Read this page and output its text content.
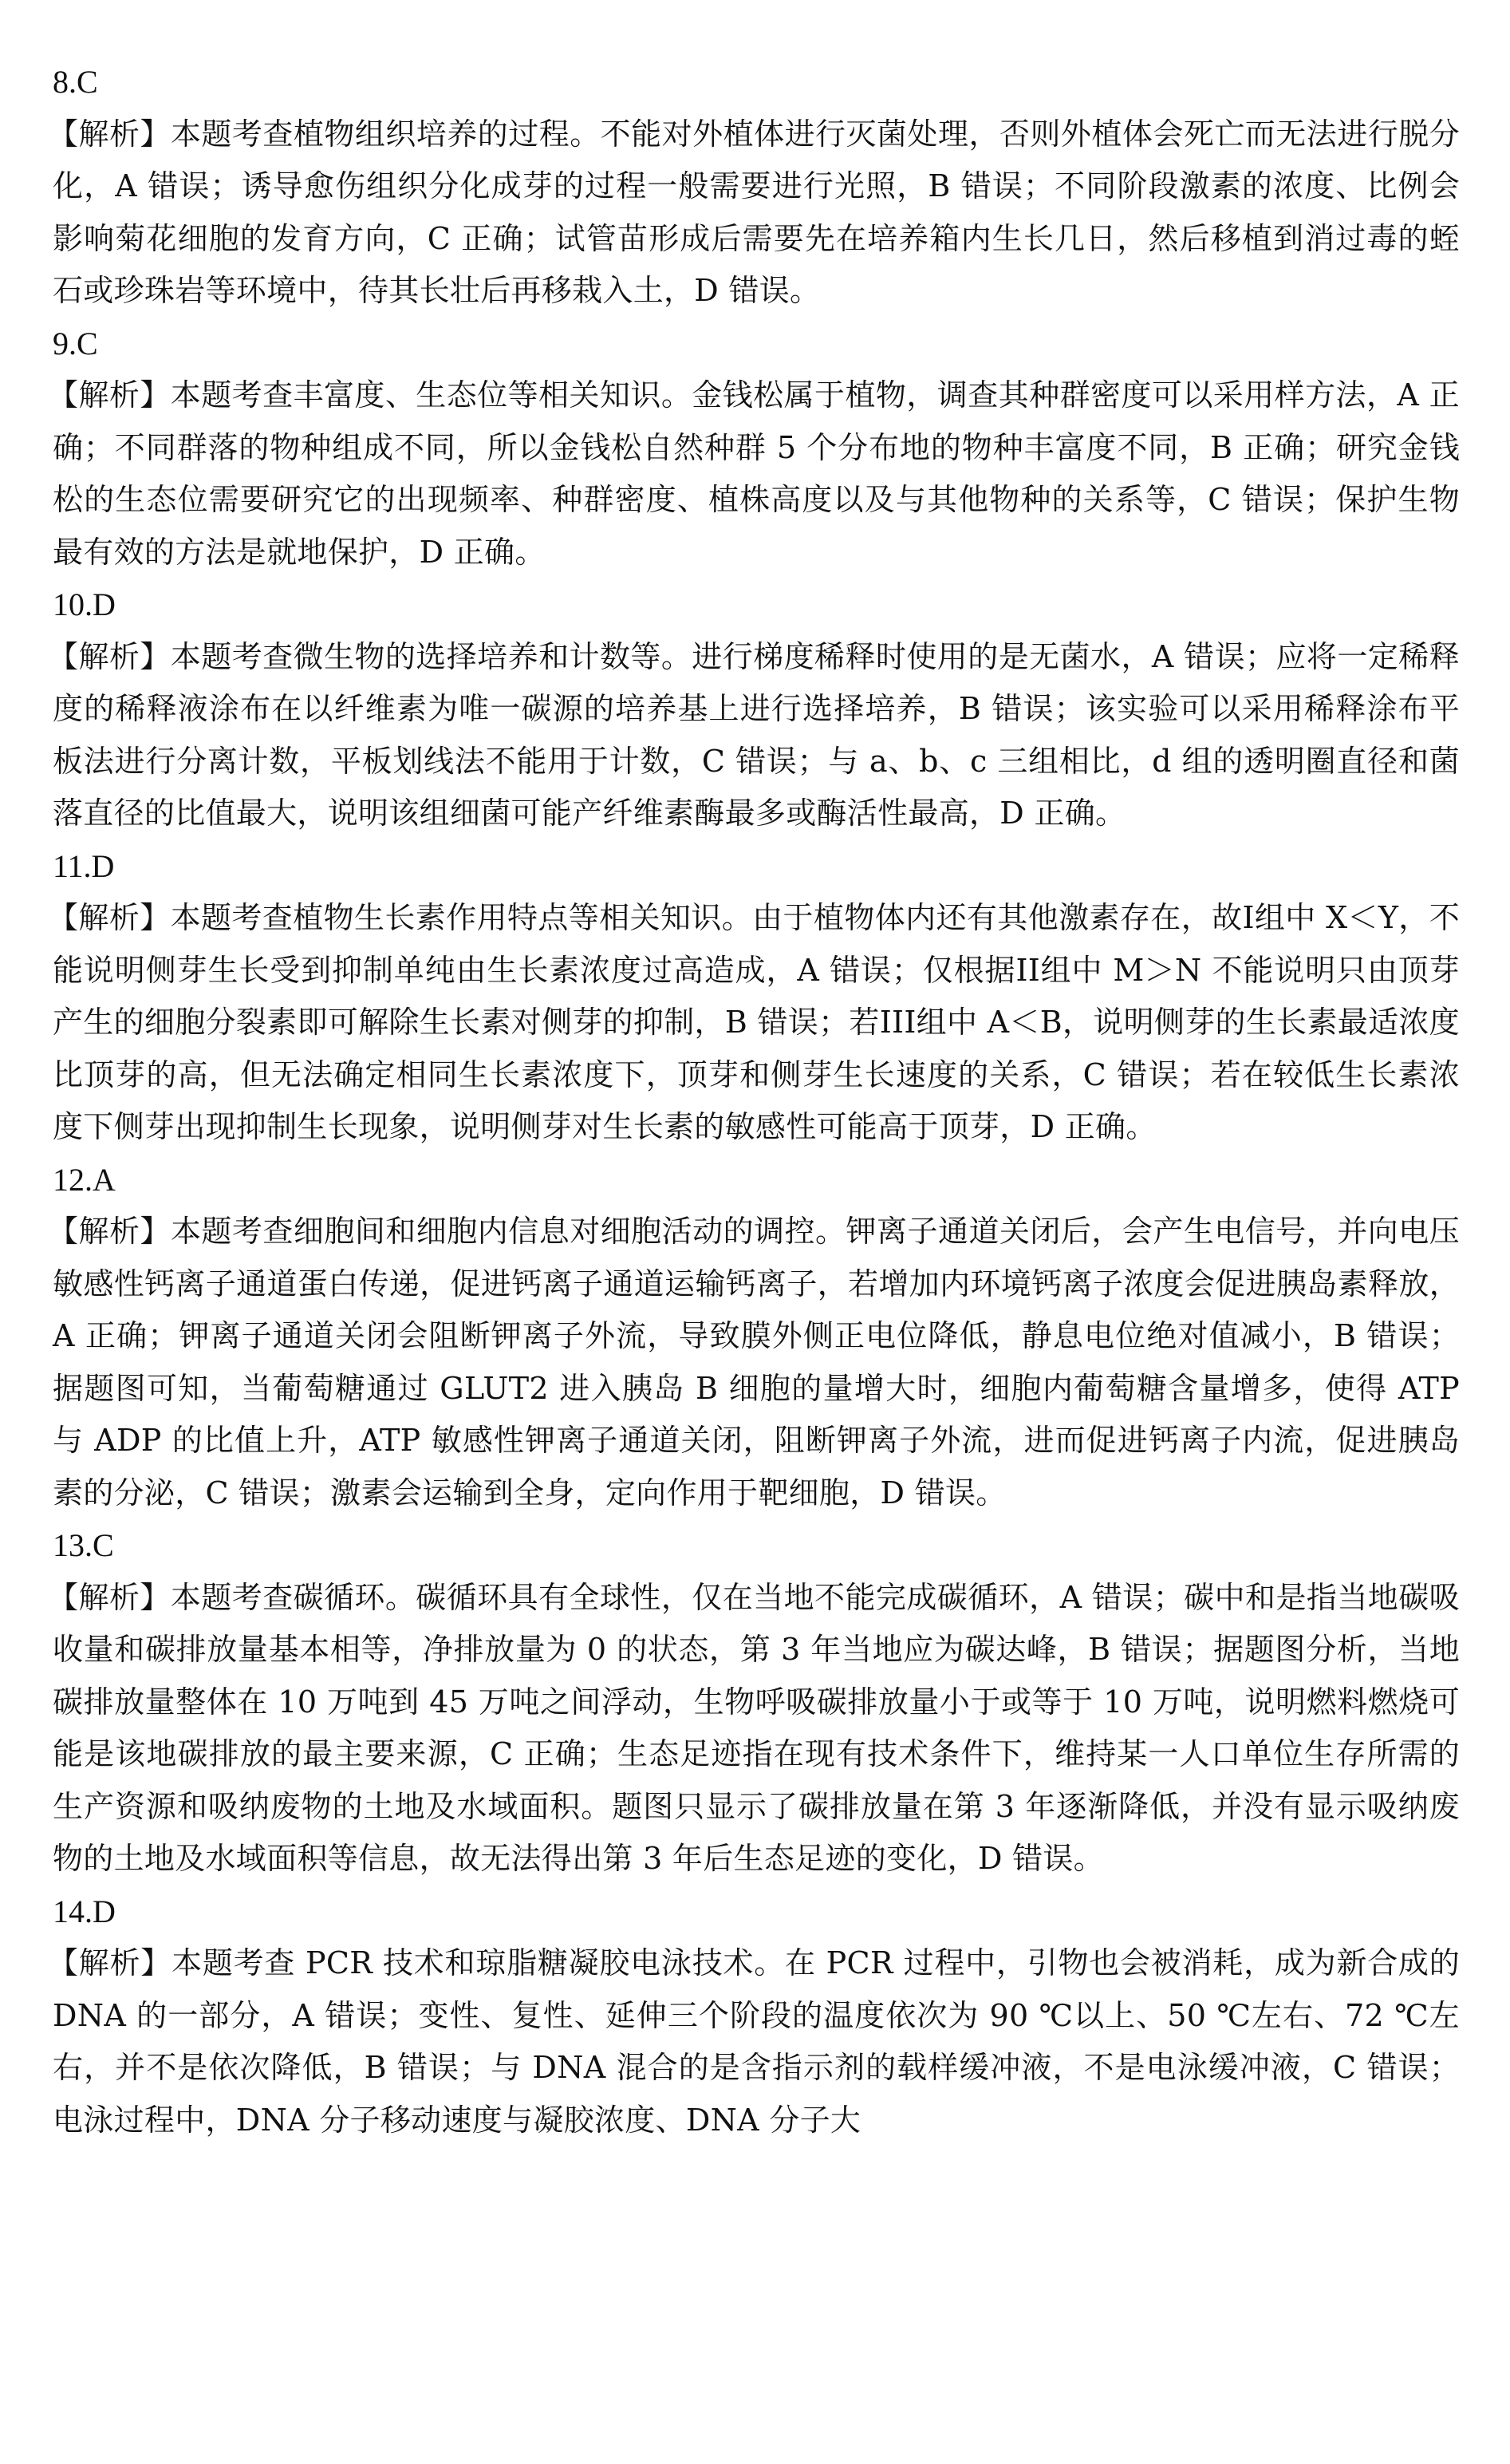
8.C
【解析】本题考查植物组织培养的过程。不能对外植体进行灭菌处理，否则外植体会死亡而无法进行脱分化，A 错误；诱导愈伤组织分化成芽的过程一般需要进行光照，B 错误；不同阶段激素的浓度、比例会影响菊花细胞的发育方向，C 正确；试管苗形成后需要先在培养箱内生长几日，然后移植到消过毒的蛭石或珍珠岩等环境中，待其长壮后再移栽入土，D 错误。
9.C
【解析】本题考查丰富度、生态位等相关知识。金钱松属于植物，调查其种群密度可以采用样方法，A 正确；不同群落的物种组成不同，所以金钱松自然种群 5 个分布地的物种丰富度不同，B 正确；研究金钱松的生态位需要研究它的出现频率、种群密度、植株高度以及与其他物种的关系等，C 错误；保护生物最有效的方法是就地保护，D 正确。
10.D
【解析】本题考查微生物的选择培养和计数等。进行梯度稀释时使用的是无菌水，A 错误；应将一定稀释度的稀释液涂布在以纤维素为唯一碳源的培养基上进行选择培养，B 错误；该实验可以采用稀释涂布平板法进行分离计数，平板划线法不能用于计数，C 错误；与 a、b、c 三组相比，d 组的透明圈直径和菌落直径的比值最大，说明该组细菌可能产纤维素酶最多或酶活性最高，D 正确。
11.D
【解析】本题考查植物生长素作用特点等相关知识。由于植物体内还有其他激素存在，故I组中 X＜Y，不能说明侧芽生长受到抑制单纯由生长素浓度过高造成，A 错误；仅根据II组中 M＞N 不能说明只由顶芽产生的细胞分裂素即可解除生长素对侧芽的抑制，B 错误；若III组中 A＜B，说明侧芽的生长素最适浓度比顶芽的高，但无法确定相同生长素浓度下，顶芽和侧芽生长速度的关系，C 错误；若在较低生长素浓度下侧芽出现抑制生长现象，说明侧芽对生长素的敏感性可能高于顶芽，D 正确。
12.A
【解析】本题考查细胞间和细胞内信息对细胞活动的调控。钾离子通道关闭后，会产生电信号，并向电压敏感性钙离子通道蛋白传递，促进钙离子通道运输钙离子，若增加内环境钙离子浓度会促进胰岛素释放，A 正确；钾离子通道关闭会阻断钾离子外流，导致膜外侧正电位降低，静息电位绝对值减小，B 错误；据题图可知，当葡萄糖通过 GLUT2 进入胰岛 B 细胞的量增大时，细胞内葡萄糖含量增多，使得 ATP 与 ADP 的比值上升，ATP 敏感性钾离子通道关闭，阻断钾离子外流，进而促进钙离子内流，促进胰岛素的分泌，C 错误；激素会运输到全身，定向作用于靶细胞，D 错误。
13.C
【解析】本题考查碳循环。碳循环具有全球性，仅在当地不能完成碳循环，A 错误；碳中和是指当地碳吸收量和碳排放量基本相等，净排放量为 0 的状态，第 3 年当地应为碳达峰，B 错误；据题图分析，当地碳排放量整体在 10 万吨到 45 万吨之间浮动，生物呼吸碳排放量小于或等于 10 万吨，说明燃料燃烧可能是该地碳排放的最主要来源，C 正确；生态足迹指在现有技术条件下，维持某一人口单位生存所需的生产资源和吸纳废物的土地及水域面积。题图只显示了碳排放量在第 3 年逐渐降低，并没有显示吸纳废物的土地及水域面积等信息，故无法得出第 3 年后生态足迹的变化，D 错误。
14.D
【解析】本题考查 PCR 技术和琼脂糖凝胶电泳技术。在 PCR 过程中，引物也会被消耗，成为新合成的 DNA 的一部分，A 错误；变性、复性、延伸三个阶段的温度依次为 90 ℃以上、50 ℃左右、72 ℃左右，并不是依次降低，B 错误；与 DNA 混合的是含指示剂的载样缓冲液，不是电泳缓冲液，C 错误；电泳过程中，DNA 分子移动速度与凝胶浓度、DNA 分子大
